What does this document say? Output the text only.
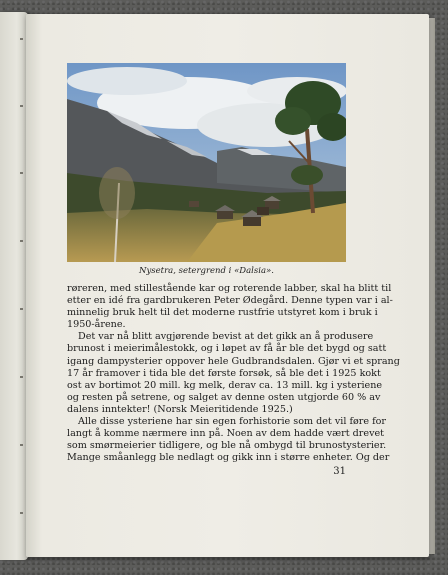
Nysetra, setergrend i «Dalsia».
røreren, med stillestående kar og roterende labber, skal ha blitt til
etter en idé fra gardbrukeren Peter Ødegård. Denne typen var i al-
minnelig bruk helt til det moderne rustfrie utstyret kom i bruk i
1950-årene.
Det var nå blitt avgjørende bevist at det gikk an å produsere
brunost i meierimålestokk, og i løpet av få år ble det bygd og satt
igang dampysterier oppover hele Gudbrandsdalen. Gjør vi et sprang
17 år framover i tida ble det første forsøk, så ble det i 1925 kokt
ost av bortimot 20 mill. kg melk, derav ca. 13 mill. kg i ysteriene
og resten på setrene, og salget av denne osten utgjorde 60 % av
dalens inntekter! (Norsk Meieritidende 1925.)
Alle disse ysteriene har sin egen forhistorie som det vil føre for
langt å komme nærmere inn på. Noen av dem hadde vært drevet
som smørmeierier tidligere, og ble nå ombygd til brunostysterier.
Mange småanlegg ble nedlagt og gikk inn i større enheter. Og der
31
